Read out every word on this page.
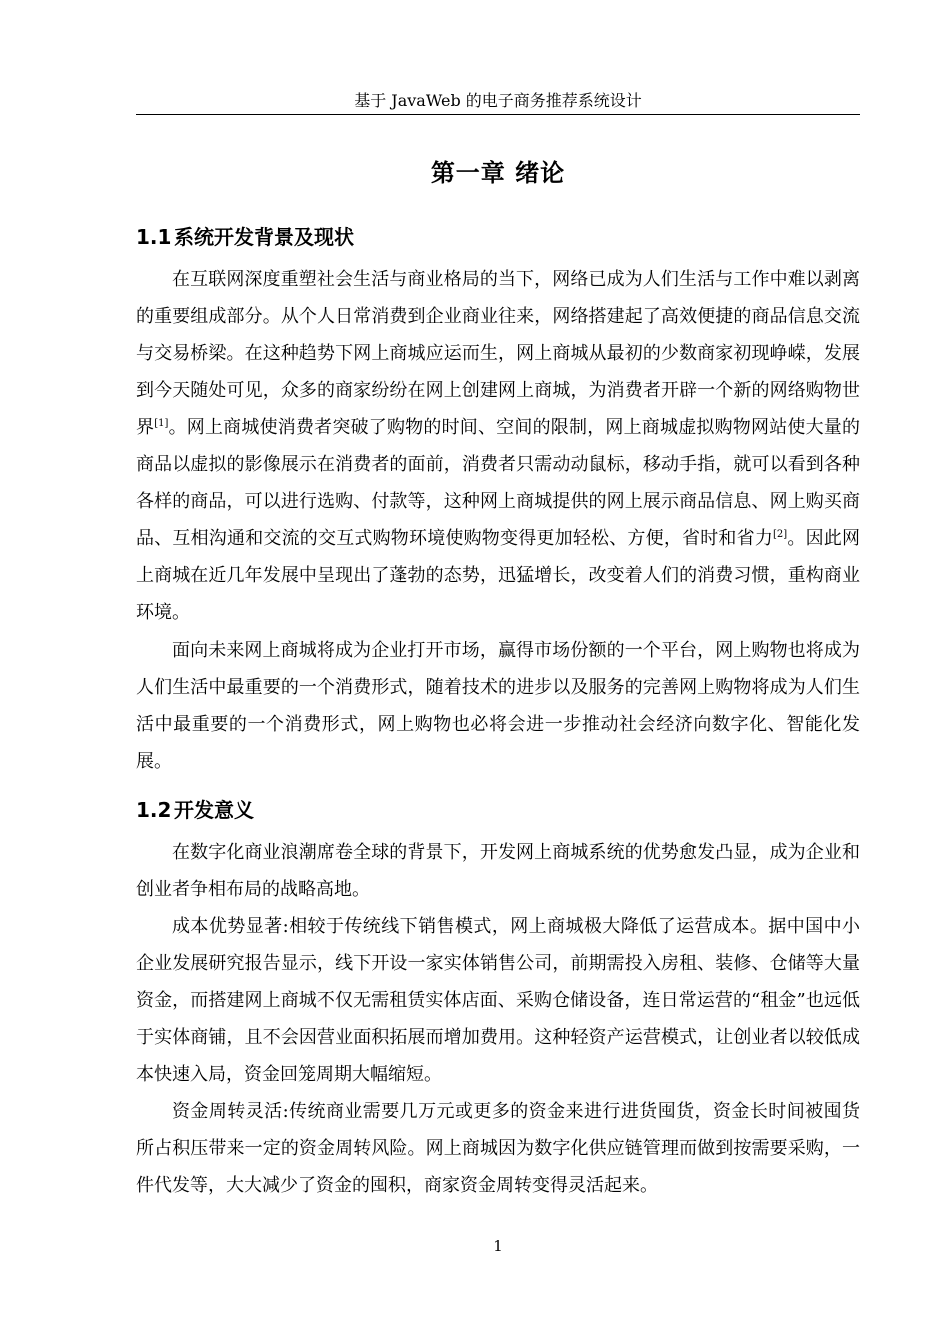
基于 JavaWeb 的电子商务推荐系统设计
第一章 绪论
1.1 系统开发背景及现状

在互联网深度重塑社会生活与商业格局的当下，网络已成为人们生活与工作中难以剥离的重要组成部分。从个人日常消费到企业商业往来，网络搭建起了高效便捷的商品信息交流与交易桥梁。在这种趋势下网上商城应运而生，网上商城从最初的少数商家初现峥嵘，发展到今天随处可见，众多的商家纷纷在网上创建网上商城，为消费者开辟一个新的网络购物世界[1]。网上商城使消费者突破了购物的时间、空间的限制，网上商城虚拟购物网站使大量的商品以虚拟的影像展示在消费者的面前，消费者只需动动鼠标，移动手指，就可以看到各种各样的商品，可以进行选购、付款等，这种网上商城提供的网上展示商品信息、网上购买商品、互相沟通和交流的交互式购物环境使购物变得更加轻松、方便，省时和省力[2]。因此网上商城在近几年发展中呈现出了蓬勃的态势，迅猛增长，改变着人们的消费习惯，重构商业环境。

面向未来网上商城将成为企业打开市场，赢得市场份额的一个平台，网上购物也将成为人们生活中最重要的一个消费形式，随着技术的进步以及服务的完善网上购物将成为人们生活中最重要的一个消费形式，网上购物也必将会进一步推动社会经济向数字化、智能化发展。

1.2 开发意义

在数字化商业浪潮席卷全球的背景下，开发网上商城系统的优势愈发凸显，成为企业和创业者争相布局的战略高地。

成本优势显著:相较于传统线下销售模式，网上商城极大降低了运营成本。据中国中小企业发展研究报告显示，线下开设一家实体销售公司，前期需投入房租、装修、仓储等大量资金，而搭建网上商城不仅无需租赁实体店面、采购仓储设备，连日常运营的“租金”也远低于实体商铺，且不会因营业面积拓展而增加费用。这种轻资产运营模式，让创业者以较低成本快速入局，资金回笼周期大幅缩短。

资金周转灵活:传统商业需要几万元或更多的资金来进行进货囤货，资金长时间被囤货所占积压带来一定的资金周转风险。网上商城因为数字化供应链管理而做到按需要采购，一件代发等，大大减少了资金的囤积，商家资金周转变得灵活起来。

1
